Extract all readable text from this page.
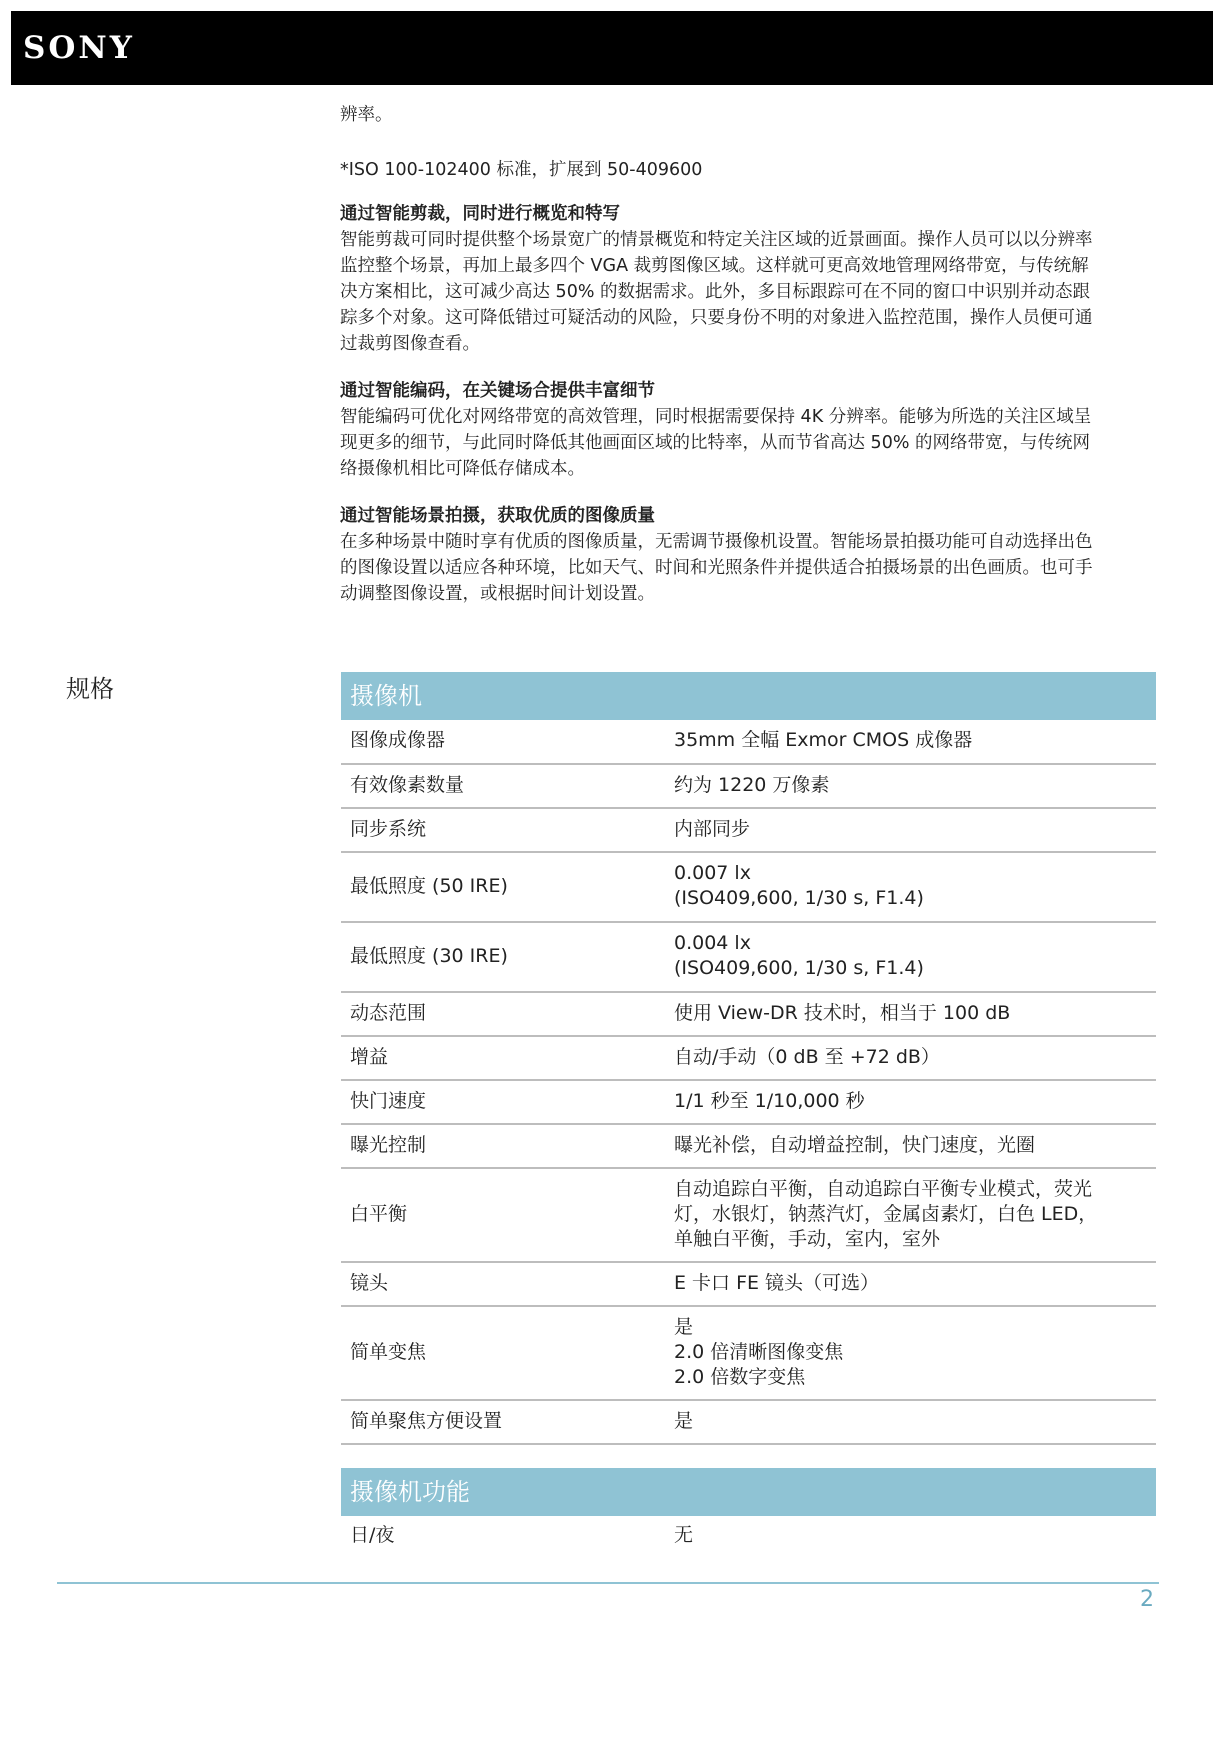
SONY

辨率。

*ISO 100-102400 标准，扩展到 50-409600

通过智能剪裁，同时进行概览和特写

智能剪裁可同时提供整个场景宽广的情景概览和特定关注区域的近景画面。操作人员可以以分辨率

监控整个场景，再加上最多四个 VGA 裁剪图像区域。这样就可更高效地管理网络带宽，与传统解

决方案相比，这可减少高达 50% 的数据需求。此外，多目标跟踪可在不同的窗口中识别并动态跟

踪多个对象。这可降低错过可疑活动的风险，只要身份不明的对象进入监控范围，操作人员便可通

过裁剪图像查看。

通过智能编码，在关键场合提供丰富细节

智能编码可优化对网络带宽的高效管理，同时根据需要保持 4K 分辨率。能够为所选的关注区域呈

现更多的细节，与此同时降低其他画面区域的比特率，从而节省高达 50% 的网络带宽，与传统网

络摄像机相比可降低存储成本。

通过智能场景拍摄，获取优质的图像质量

在多种场景中随时享有优质的图像质量，无需调节摄像机设置。智能场景拍摄功能可自动选择出色

的图像设置以适应各种环境，比如天气、时间和光照条件并提供适合拍摄场景的出色画质。也可手

动调整图像设置，或根据时间计划设置。

规格	摄像机
图像成像器	35mm 全幅 Exmor CMOS 成像器
有效像素数量	约为 1220 万像素
同步系统	内部同步
最低照度 (50 IRE)	0.007 lx
(ISO409,600, 1/30 s, F1.4)
最低照度 (30 IRE)	0.004 lx
(ISO409,600, 1/30 s, F1.4)
动态范围	使用 View-DR 技术时，相当于 100 dB
增益	自动/手动（0 dB 至 +72 dB）
快门速度	1/1 秒至 1/10,000 秒
曝光控制	曝光补偿，自动增益控制，快门速度，光圈
白平衡	自动追踪白平衡，自动追踪白平衡专业模式，荧光
灯，水银灯，钠蒸汽灯，金属卤素灯，白色 LED，
单触白平衡，手动，室内，室外
镜头	E 卡口 FE 镜头（可选）
简单变焦	是
2.0 倍清晰图像变焦
2.0 倍数字变焦
简单聚焦方便设置	是
摄像机功能
日/夜	无
2
